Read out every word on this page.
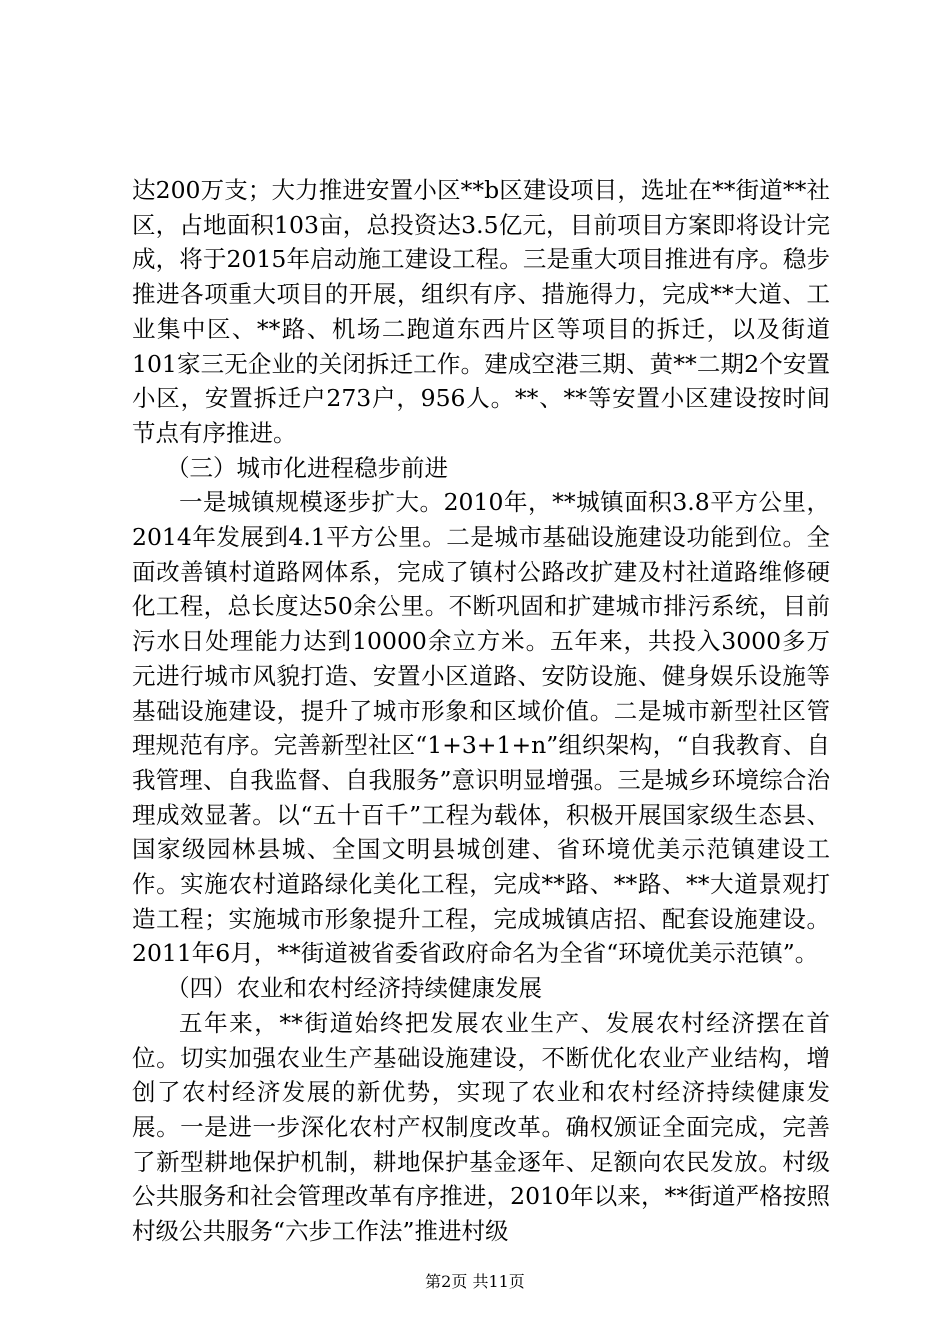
达200万支；大力推进安置小区**b区建设项目，选址在**街道**社区，占地面积103亩，总投资达3.5亿元，目前项目方案即将设计完成，将于2015年启动施工建设工程。三是重大项目推进有序。稳步推进各项重大项目的开展，组织有序、措施得力，完成**大道、工业集中区、**路、机场二跑道东西片区等项目的拆迁，以及街道101家三无企业的关闭拆迁工作。建成空港三期、黄**二期2个安置小区，安置拆迁户273户，956人。**、**等安置小区建设按时间节点有序推进。

（三）城市化进程稳步前进

一是城镇规模逐步扩大。2010年，**城镇面积3.8平方公里，2014年发展到4.1平方公里。二是城市基础设施建设功能到位。全面改善镇村道路网体系，完成了镇村公路改扩建及村社道路维修硬化工程，总长度达50余公里。不断巩固和扩建城市排污系统，目前污水日处理能力达到10000余立方米。五年来，共投入3000多万元进行城市风貌打造、安置小区道路、安防设施、健身娱乐设施等基础设施建设，提升了城市形象和区域价值。二是城市新型社区管理规范有序。完善新型社区“1+3+1+n”组织架构，“自我教育、自我管理、自我监督、自我服务”意识明显增强。三是城乡环境综合治理成效显著。以“五十百千”工程为载体，积极开展国家级生态县、国家级园林县城、全国文明县城创建、省环境优美示范镇建设工作。实施农村道路绿化美化工程，完成**路、**路、**大道景观打造工程；实施城市形象提升工程，完成城镇店招、配套设施建设。2011年6月，**街道被省委省政府命名为全省“环境优美示范镇”。

（四）农业和农村经济持续健康发展

五年来，**街道始终把发展农业生产、发展农村经济摆在首位。切实加强农业生产基础设施建设，不断优化农业产业结构，增创了农村经济发展的新优势，实现了农业和农村经济持续健康发展。一是进一步深化农村产权制度改革。确权颁证全面完成，完善了新型耕地保护机制，耕地保护基金逐年、足额向农民发放。村级公共服务和社会管理改革有序推进，2010年以来，**街道严格按照村级公共服务“六步工作法”推进村级

第2页 共11页
